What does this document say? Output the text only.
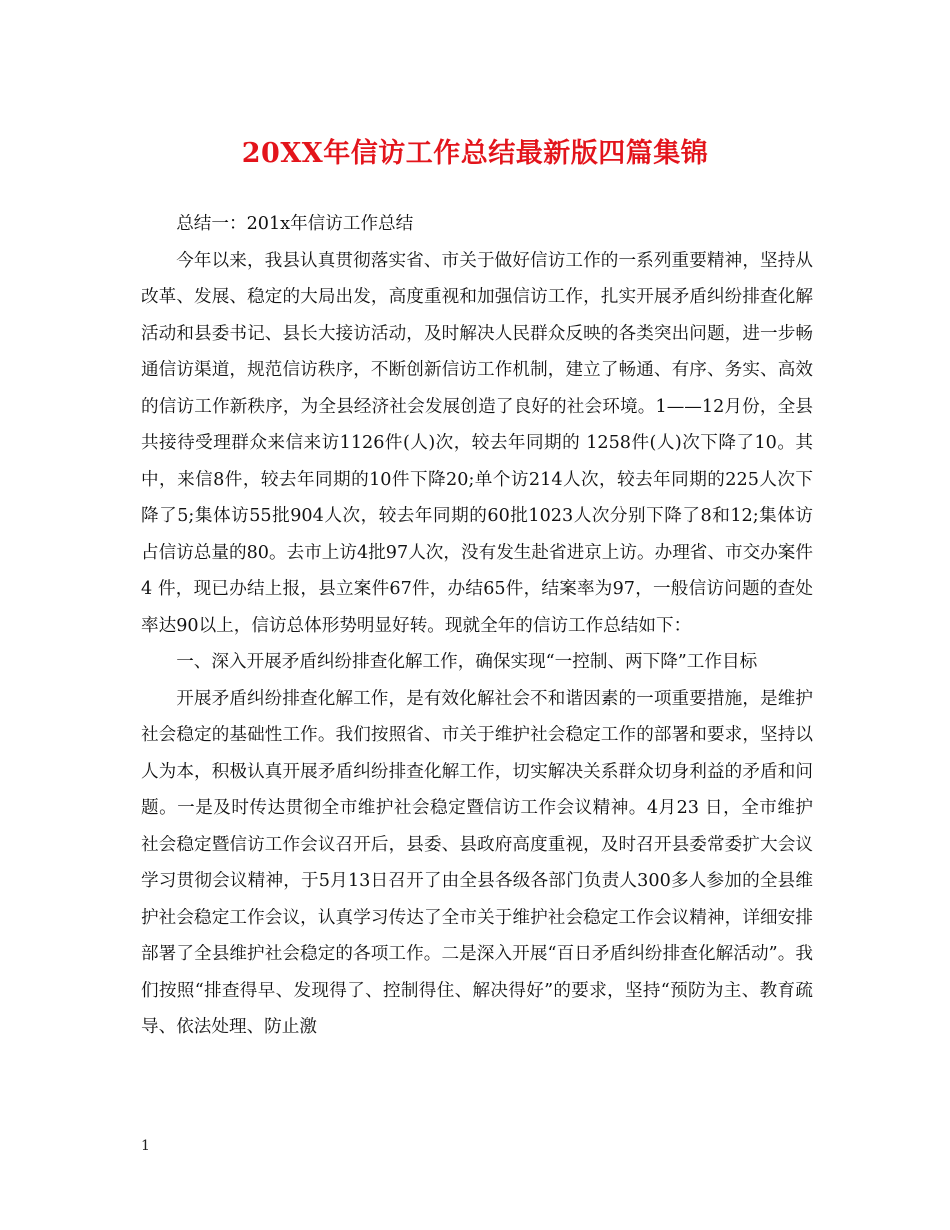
20XX年信访工作总结最新版四篇集锦

总结一：201x年信访工作总结

今年以来，我县认真贯彻落实省、市关于做好信访工作的一系列重要精神，坚持从改革、发展、稳定的大局出发，高度重视和加强信访工作，扎实开展矛盾纠纷排查化解活动和县委书记、县长大接访活动，及时解决人民群众反映的各类突出问题，进一步畅通信访渠道，规范信访秩序，不断创新信访工作机制，建立了畅通、有序、务实、高效的信访工作新秩序，为全县经济社会发展创造了良好的社会环境。1——12月份，全县共接待受理群众来信来访1126件(人)次，较去年同期的 1258件(人)次下降了10。其中，来信8件，较去年同期的10件下降20;单个访214人次，较去年同期的225人次下降了5;集体访55批904人次，较去年同期的60批1023人次分别下降了8和12;集体访占信访总量的80。去市上访4批97人次，没有发生赴省进京上访。办理省、市交办案件4 件，现已办结上报，县立案件67件，办结65件，结案率为97，一般信访问题的查处率达90以上，信访总体形势明显好转。现就全年的信访工作总结如下：

一、深入开展矛盾纠纷排查化解工作，确保实现“一控制、两下降”工作目标

开展矛盾纠纷排查化解工作，是有效化解社会不和谐因素的一项重要措施，是维护社会稳定的基础性工作。我们按照省、市关于维护社会稳定工作的部署和要求，坚持以人为本，积极认真开展矛盾纠纷排查化解工作，切实解决关系群众切身利益的矛盾和问题。一是及时传达贯彻全市维护社会稳定暨信访工作会议精神。4月23 日，全市维护社会稳定暨信访工作会议召开后，县委、县政府高度重视，及时召开县委常委扩大会议学习贯彻会议精神，于5月13日召开了由全县各级各部门负责人300多人参加的全县维护社会稳定工作会议，认真学习传达了全市关于维护社会稳定工作会议精神，详细安排部署了全县维护社会稳定的各项工作。二是深入开展“百日矛盾纠纷排查化解活动”。我们按照“排查得早、发现得了、控制得住、解决得好”的要求，坚持“预防为主、教育疏导、依法处理、防止激

1
